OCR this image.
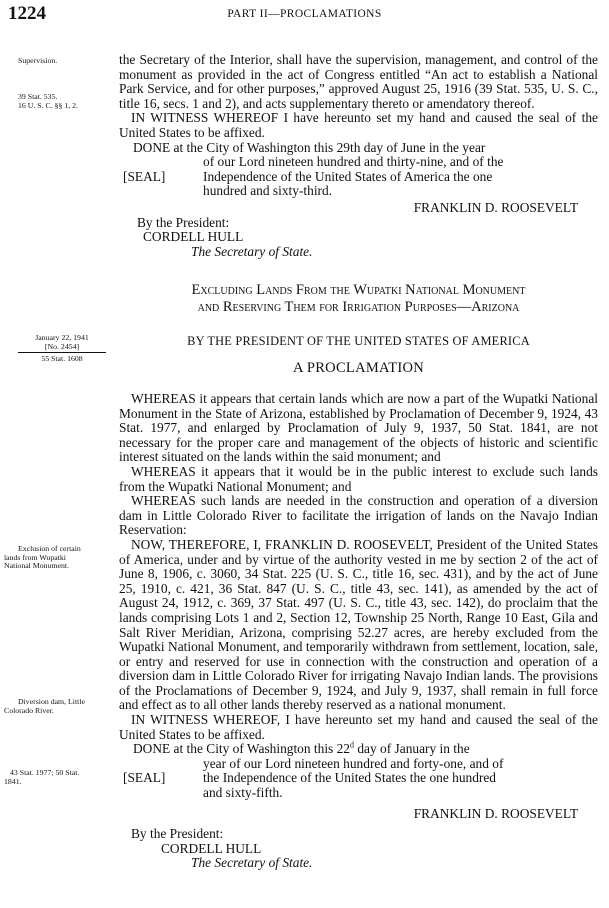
1224	PART II—PROCLAMATIONS
Supervision.
39 Stat. 535.
16 U. S. C. §§ 1, 2.
January 22, 1941
[No. 2454]
55 Stat. 1608
Exclusion of certain
lands from Wupatki
National Monument.
Diversion dam, Little
Colorado River.
43 Stat. 1977; 50 Stat.
1841.

the Secretary of the Interior, shall have the supervision, management, and control of the monument as provided in the act of Congress entitled “An act to establish a National Park Service, and for other purposes,” approved August 25, 1916 (39 Stat. 535, U. S. C., title 16, secs. 1 and 2), and acts supplementary thereto or amendatory thereof.

IN WITNESS WHEREOF I have hereunto set my hand and caused the seal of the United States to be affixed.

DONE at the City of Washington this 29th day of June in the year
of our Lord nineteen hundred and thirty-nine, and of the
[SEAL]	Independence of the United States of America the one
hundred and sixty-third.
FRANKLIN D. ROOSEVELT
By the President:
CORDELL HULL
The Secretary of State.
Excluding Lands From the Wupatki National Monument
and Reserving Them for Irrigation Purposes—Arizona
BY THE PRESIDENT OF THE UNITED STATES OF AMERICA
A PROCLAMATION

WHEREAS it appears that certain lands which are now a part of the Wupatki National Monument in the State of Arizona, established by Proclamation of December 9, 1924, 43 Stat. 1977, and enlarged by Proclamation of July 9, 1937, 50 Stat. 1841, are not necessary for the proper care and management of the objects of historic and scientific interest situated on the lands within the said monument; and

WHEREAS it appears that it would be in the public interest to exclude such lands from the Wupatki National Monument; and

WHEREAS such lands are needed in the construction and operation of a diversion dam in Little Colorado River to facilitate the irrigation of lands on the Navajo Indian Reservation:

NOW, THEREFORE, I, FRANKLIN D. ROOSEVELT, President of the United States of America, under and by virtue of the authority vested in me by section 2 of the act of June 8, 1906, c. 3060, 34 Stat. 225 (U. S. C., title 16, sec. 431), and by the act of June 25, 1910, c. 421, 36 Stat. 847 (U. S. C., title 43, sec. 141), as amended by the act of August 24, 1912, c. 369, 37 Stat. 497 (U. S. C., title 43, sec. 142), do proclaim that the lands comprising Lots 1 and 2, Section 12, Township 25 North, Range 10 East, Gila and Salt River Meridian, Arizona, comprising 52.27 acres, are hereby excluded from the Wupatki National Monument, and temporarily withdrawn from settlement, location, sale, or entry and reserved for use in connection with the construction and operation of a diversion dam in Little Colorado River for irrigating Navajo Indian lands. The provisions of the Proclamations of December 9, 1924, and July 9, 1937, shall remain in full force and effect as to all other lands thereby reserved as a national monument.

IN WITNESS WHEREOF, I have hereunto set my hand and caused the seal of the United States to be affixed.

DONE at the City of Washington this 22$^d$ day of January in the
year of our Lord nineteen hundred and forty-one, and of
[SEAL]	the Independence of the United States the one hundred
and sixty-fifth.
FRANKLIN D. ROOSEVELT
By the President:
CORDELL HULL
The Secretary of State.
